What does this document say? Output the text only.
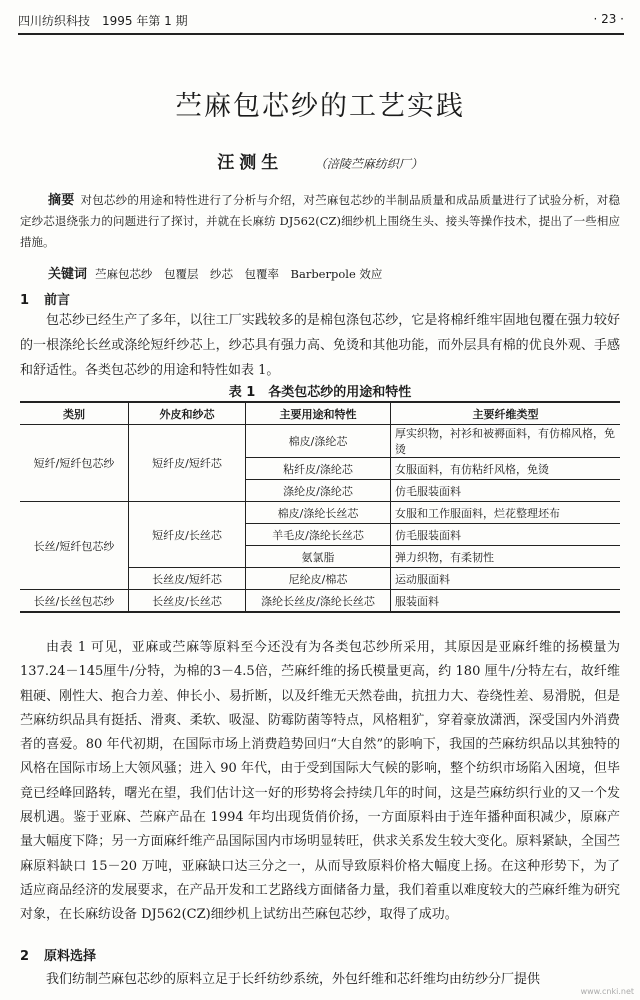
四川纺织科技　1995 年第 1 期	· 23 ·
苎麻包芯纱的工艺实践
汪测生	（涪陵苎麻纺织厂）
摘要 对包芯纱的用途和特性进行了分析与介绍，对苎麻包芯纱的半制品质量和成品质量进行了试验分析，对稳定纱芯退绕张力的问题进行了探讨，并就在长麻纺 DJ562(CZ)细纱机上围绕生头、接头等操作技术，提出了一些相应措施。
关键词 苎麻包芯纱　包覆层　纱芯　包覆率　Barberpole 效应
1 前言
包芯纱已经生产了多年，以往工厂实践较多的是棉包涤包芯纱，它是将棉纤维牢固地包覆在强力较好的一根涤纶长丝或涤纶短纤纱芯上，纱芯具有强力高、免烫和其他功能，而外层具有棉的优良外观、手感和舒适性。各类包芯纱的用途和特性如表 1。
表 1　各类包芯纱的用途和特性
类别	外皮和纱芯	主要用途和特性	主要纤维类型
短纤/短纤包芯纱	短纤皮/短纤芯	棉皮/涤纶芯	厚实织物，衬衫和被褥面料，有仿棉风格，免烫
		粘纤皮/涤纶芯	女服面料，有仿粘纤风格，免烫
		涤纶皮/涤纶芯	仿毛服装面料
长丝/短纤包芯纱	短纤皮/长丝芯	棉皮/涤纶长丝芯	女服和工作服面料，烂花整理坯布
		羊毛皮/涤纶长丝芯	仿毛服装面料
		氨氯脂	弹力织物，有柔韧性
	长丝皮/短纤芯	尼纶皮/棉芯	运动服面料
长丝/长丝包芯纱	长丝皮/长丝芯	涤纶长丝皮/涤纶长丝芯	服装面料
由表 1 可见，亚麻或苎麻等原料至今还没有为各类包芯纱所采用，其原因是亚麻纤维的扬模量为137.24－145厘牛/分特，为棉的3－4.5倍，苎麻纤维的扬氏模量更高，约 180 厘牛/分特左右，故纤维粗硬、刚性大、抱合力差、伸长小、易折断，以及纤维无天然卷曲，抗扭力大、卷绕性差、易滑脱，但是苎麻纺织品具有挺括、滑爽、柔软、吸湿、防霉防菌等特点，风格粗犷，穿着豪放潇洒，深受国内外消费者的喜爱。80 年代初期，在国际市场上消费趋势回归“大自然”的影响下，我国的苎麻纺织品以其独特的风格在国际市场上大领风骚；进入 90 年代，由于受到国际大气候的影响，整个纺织市场陷入困境，但毕竟已经峰回路转，曙光在望，我们估计这一好的形势将会持续几年的时间，这是苎麻纺织行业的又一个发展机遇。鉴于亚麻、苎麻产品在 1994 年均出现货俏价扬，一方面原料由于连年播种面积减少，原麻产量大幅度下降；另一方面麻纤维产品国际国内市场明显转旺，供求关系发生较大变化。原料紧缺，全国苎麻原料缺口 15－20 万吨，亚麻缺口达三分之一，从而导致原料价格大幅度上扬。在这种形势下，为了适应商品经济的发展要求，在产品开发和工艺路线方面储备力量，我们着重以难度较大的苎麻纤维为研究对象，在长麻纺设备 DJ562(CZ)细纱机上试纺出苎麻包芯纱，取得了成功。
2 原料选择
我们纺制苎麻包芯纱的原料立足于长纤纺纱系统，外包纤维和芯纤维均由纺纱分厂提供
www.cnki.net
